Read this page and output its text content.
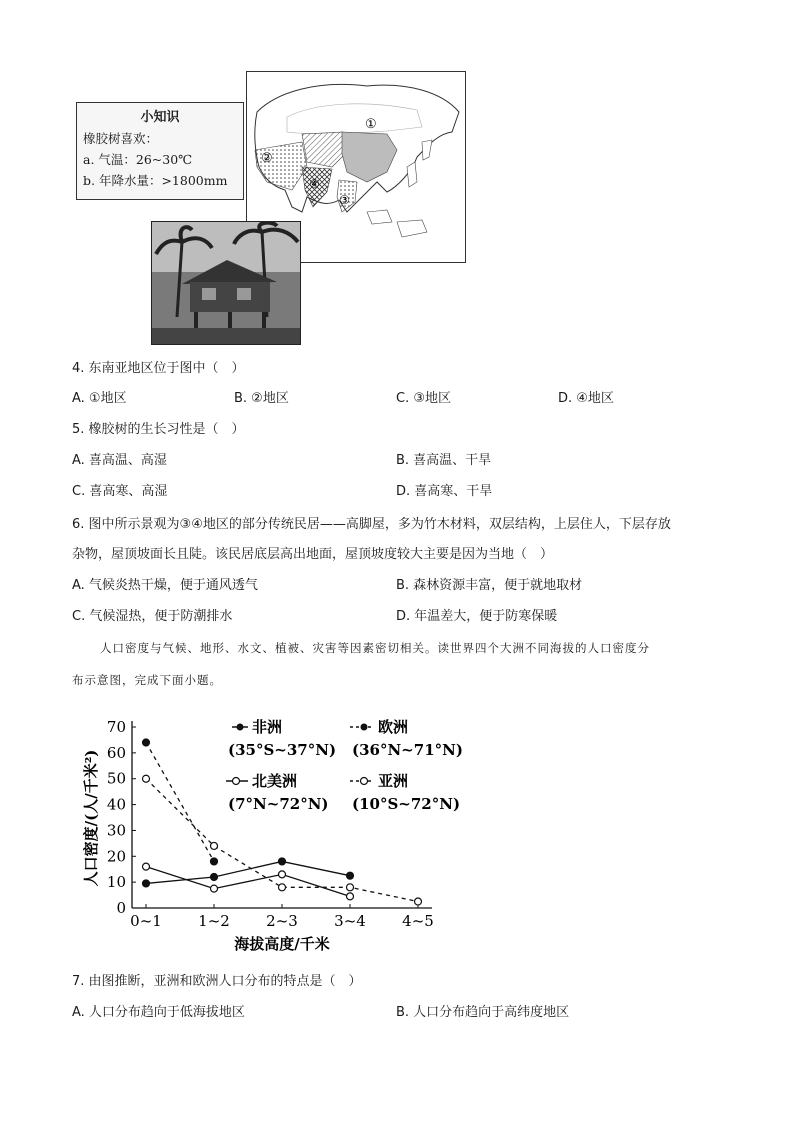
小知识
橡胶树喜欢：
a. 气温：26~30℃
b. 年降水量：>1800mm
①
②
③
④
4. 东南亚地区位于图中（　）
A. ①地区	B. ②地区	C. ③地区	D. ④地区
5. 橡胶树的生长习性是（　）
A. 喜高温、高湿	B. 喜高温、干旱
C. 喜高寒、高湿	D. 喜高寒、干旱
6. 图中所示景观为③④地区的部分传统民居——高脚屋，多为竹木材料，双层结构，上层住人，下层存放
杂物，屋顶坡面长且陡。该民居底层高出地面，屋顶坡度较大主要是因为当地（　）
A. 气候炎热干燥，便于通风透气	B. 森林资源丰富，便于就地取材
C. 气候湿热，便于防潮排水	D. 年温差大，便于防寒保暖
人口密度与气候、地形、水文、植被、灾害等因素密切相关。读世界四个大洲不同海拔的人口密度分
布示意图，完成下面小题。
0
10
20
30
40
50
60
70
0~1 1~2 2~3 3~4 4~5
海拔高度/千米
人口密度/(人/千米²)
非洲
(35°S~37°N)
欧洲
(36°N~71°N)
北美洲
(7°N~72°N)
亚洲
(10°S~72°N)
7. 由图推断，亚洲和欧洲人口分布的特点是（　）
A. 人口分布趋向于低海拔地区	B. 人口分布趋向于高纬度地区
